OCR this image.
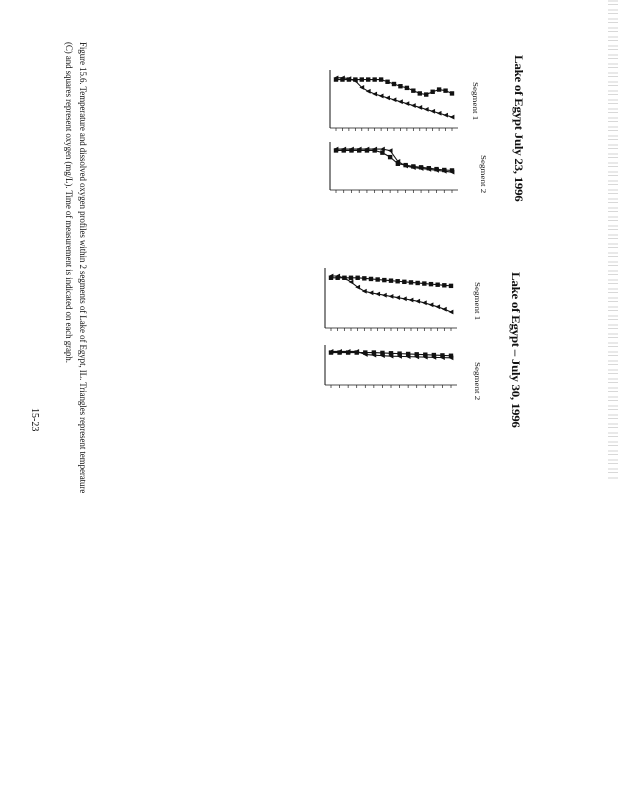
Figure 15.6. Temperature and dissolved oxygen profiles within 2 segments of Lake of Egypt, IL. Triangles represent temperature
(C) and squares represent oxygen (mg/L). Time of measurement is indicated on each graph.
15-23
Lake of Egypt July 23, 1996
Segment 1
Segment 2
Lake of Egypt – July 30, 1996
Segment 1
Segment 2
